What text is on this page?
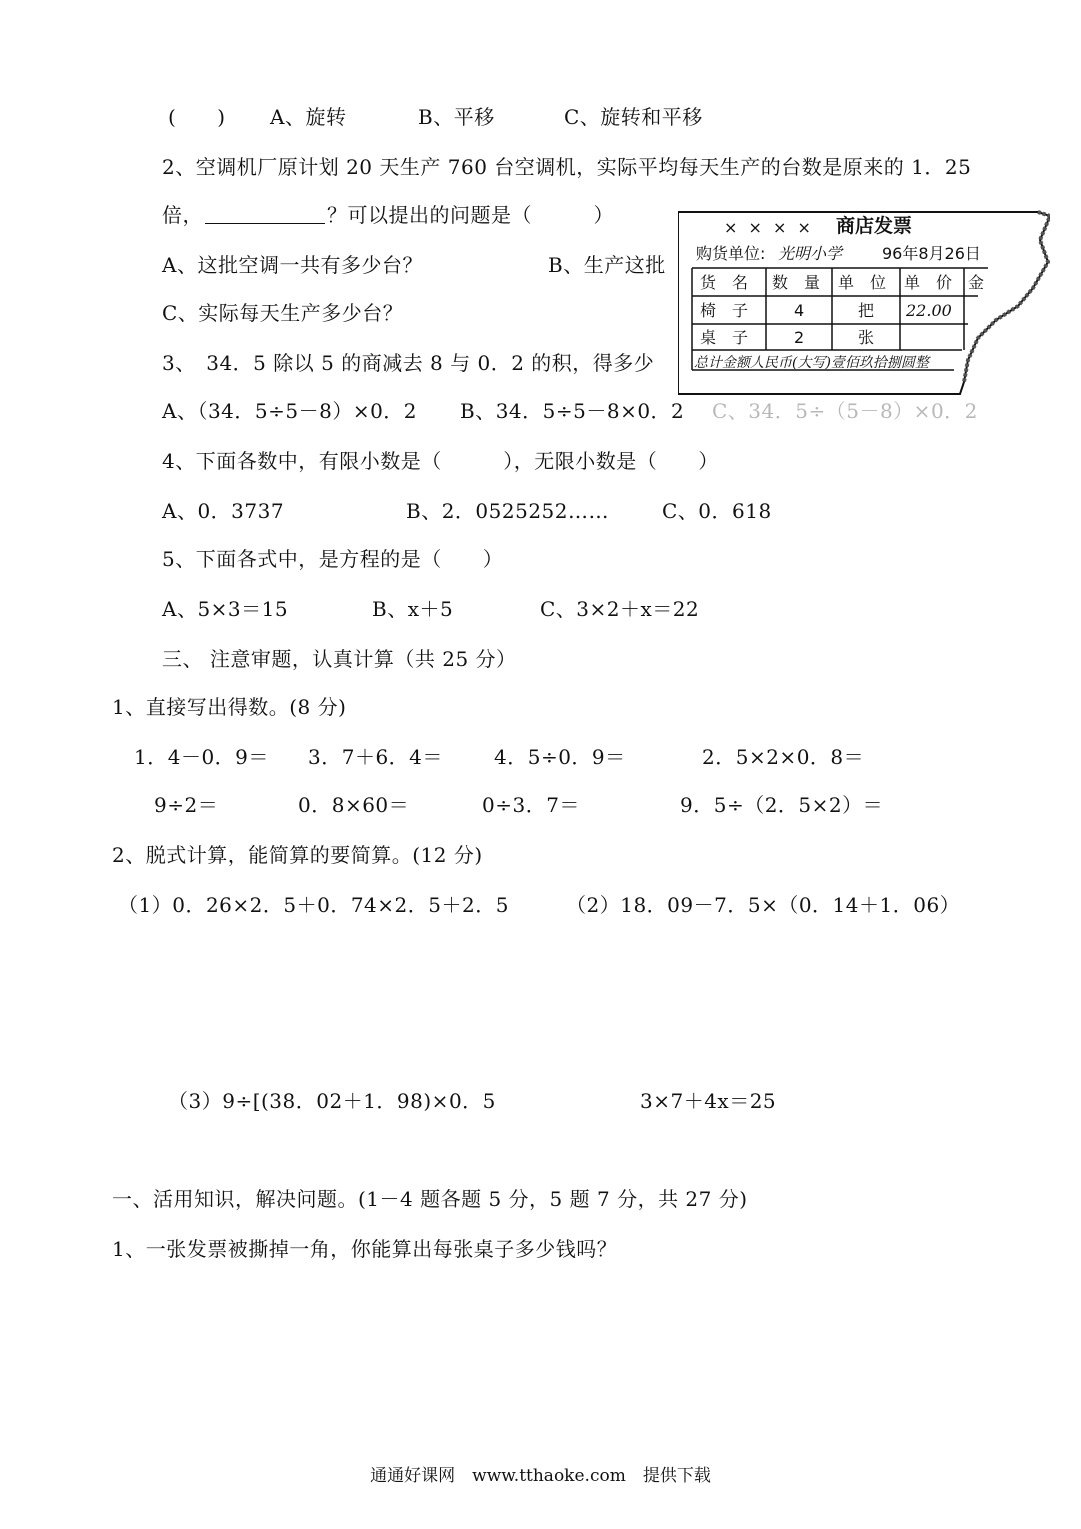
(　　) A、旋转	B、平移	C、旋转和平移
2、空调机厂原计划 20 天生产 760 台空调机，实际平均每天生产的台数是原来的 1．25
倍，	？可以提出的问题是（　　　）
A、这批空调一共有多少台？	B、生产这批
C、实际每天生产多少台？
3、　34．5 除以 5 的商减去 8 与 0．2 的积，得多少
A、（34．5÷5－8）×0．2 B、34．5÷5－8×0．2 C、34．5÷（5－8）×0．2
4、下面各数中，有限小数是（　　　），无限小数是（　　）
A、0．3737	B、2．0525252……	C、0．618
5、下面各式中，是方程的是（　　）
A、5×3＝15	B、x＋5	C、3×2＋x＝22
三、 注意审题，认真计算（共 25 分）
1、直接写出得数。(8 分)
1．4－0．9＝ 3．7＋6．4＝	4．5÷0．9＝	2．5×2×0．8＝
9÷2＝	0．8×60＝	0÷3．7＝	9．5÷（2．5×2）＝
2、脱式计算，能简算的要简算。(12 分)
（1）0．26×2．5＋0．74×2．5＋2．5	（2）18．09－7．5×（0．14＋1．06）
（3）9÷[(38．02＋1．98)×0．5	3×7＋4x＝25
一、活用知识，解决问题。(1－4 题各题 5 分，5 题 7 分，共 27 分)
1、一张发票被撕掉一角，你能算出每张桌子多少钱吗？
× × × × 商店发票
购货单位: 光明小学 96年8月26日
货　名 数　量 单　位 单　价 金
椅　子	4	把 22.00
桌　子	2	张
总计金额人民币(大写)壹佰玖拾捌圆整
通通好课网　www.tthaoke.com　提供下载
